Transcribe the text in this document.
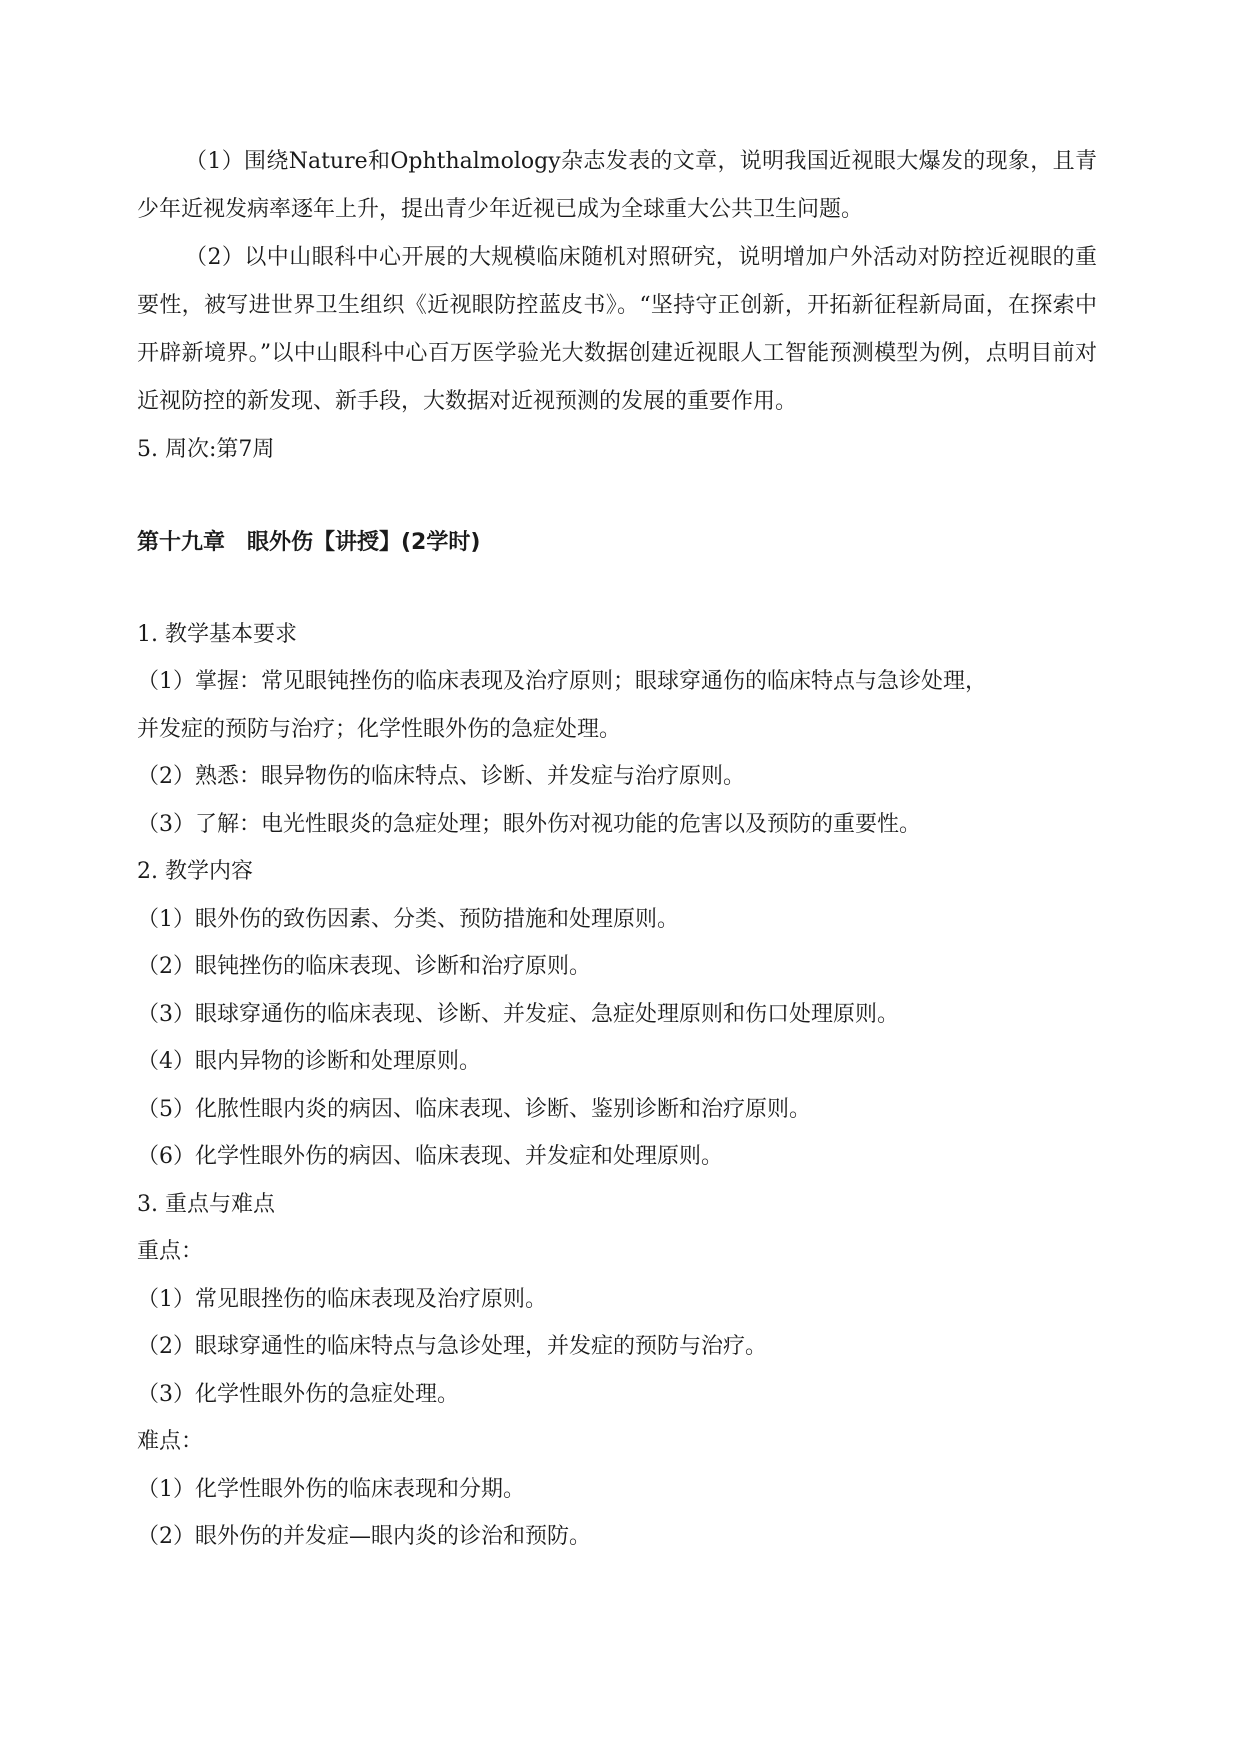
（1）围绕Nature和Ophthalmology杂志发表的文章，说明我国近视眼大爆发的现象，且青少年近视发病率逐年上升，提出青少年近视已成为全球重大公共卫生问题。

（2）以中山眼科中心开展的大规模临床随机对照研究，说明增加户外活动对防控近视眼的重要性，被写进世界卫生组织《近视眼防控蓝皮书》。“坚持守正创新，开拓新征程新局面，在探索中开辟新境界。”以中山眼科中心百万医学验光大数据创建近视眼人工智能预测模型为例，点明目前对近视防控的新发现、新手段，大数据对近视预测的发展的重要作用。

5. 周次:第7周

第十九章　眼外伤【讲授】(2学时)

1. 教学基本要求

（1）掌握：常见眼钝挫伤的临床表现及治疗原则；眼球穿通伤的临床特点与急诊处理，

并发症的预防与治疗；化学性眼外伤的急症处理。

（2）熟悉：眼异物伤的临床特点、诊断、并发症与治疗原则。

（3）了解：电光性眼炎的急症处理；眼外伤对视功能的危害以及预防的重要性。

2. 教学内容

（1）眼外伤的致伤因素、分类、预防措施和处理原则。

（2）眼钝挫伤的临床表现、诊断和治疗原则。

（3）眼球穿通伤的临床表现、诊断、并发症、急症处理原则和伤口处理原则。

（4）眼内异物的诊断和处理原则。

（5）化脓性眼内炎的病因、临床表现、诊断、鉴别诊断和治疗原则。

（6）化学性眼外伤的病因、临床表现、并发症和处理原则。

3. 重点与难点

重点：

（1）常见眼挫伤的临床表现及治疗原则。

（2）眼球穿通性的临床特点与急诊处理，并发症的预防与治疗。

（3）化学性眼外伤的急症处理。

难点：

（1）化学性眼外伤的临床表现和分期。

（2）眼外伤的并发症—眼内炎的诊治和预防。
